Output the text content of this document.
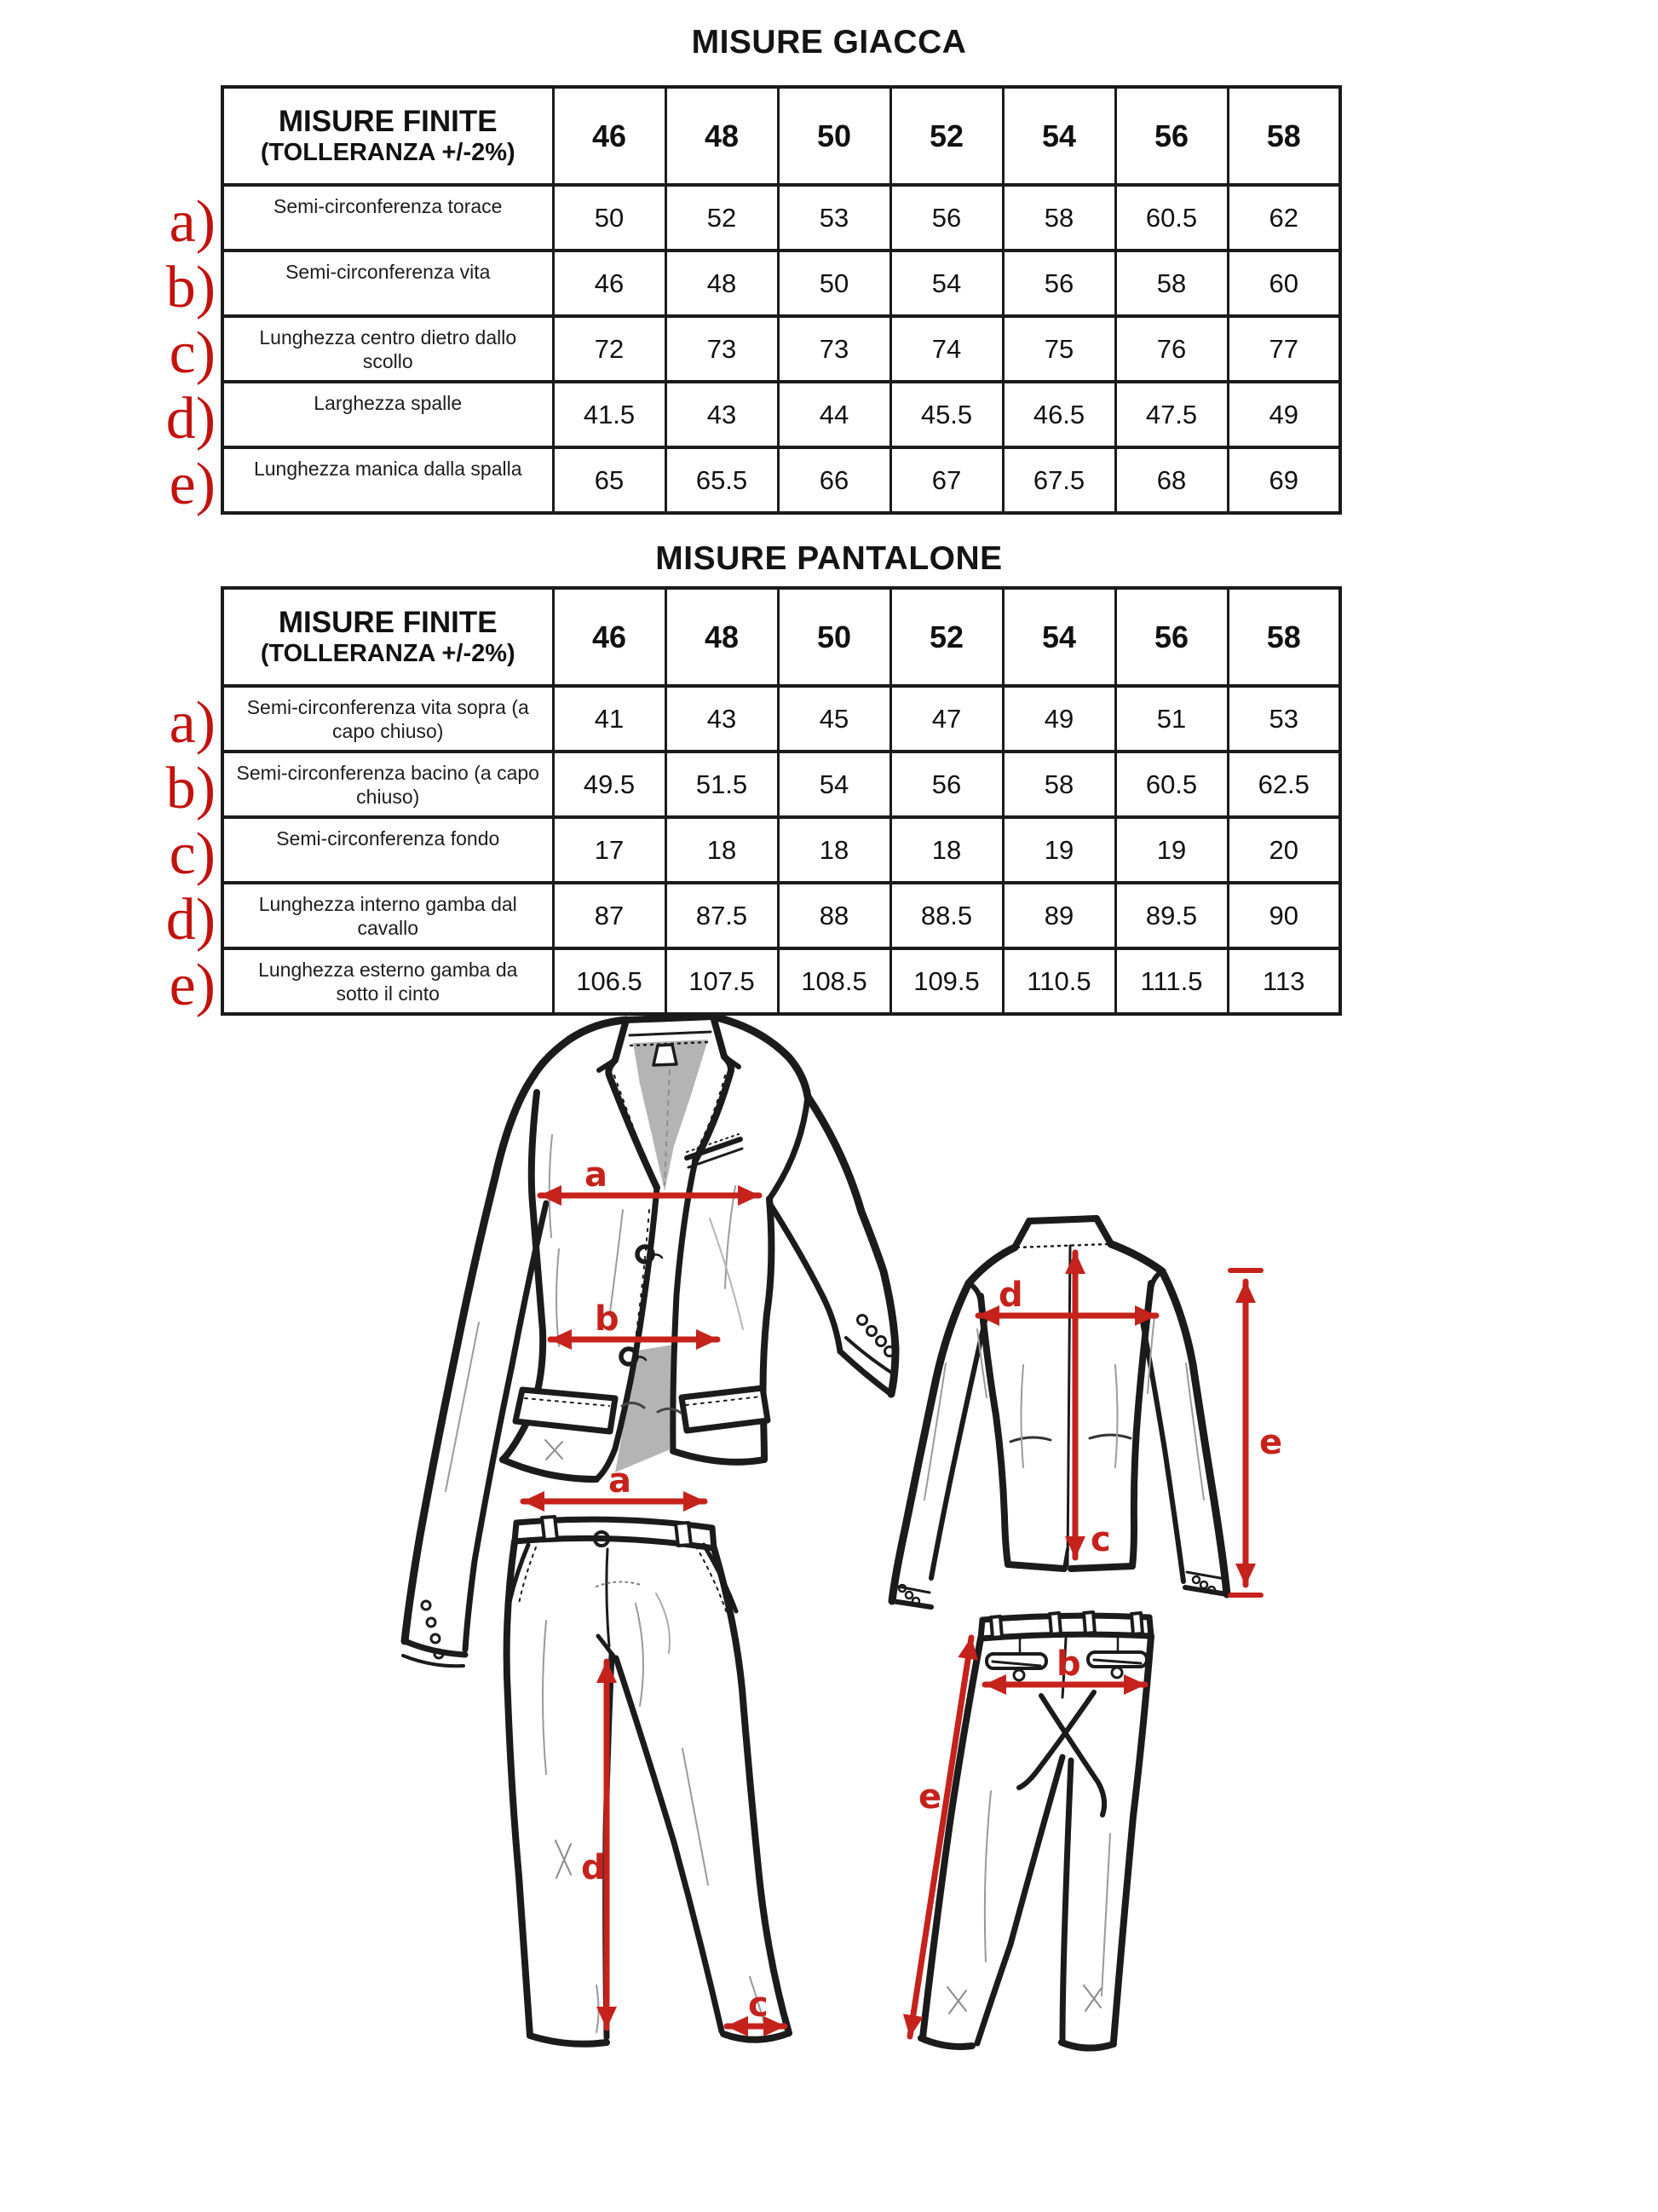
MISURE GIACCA
MISURE FINITE
(TOLLERANZA +/-2%)	46	48	50	52	54	56	58
Semi-circonferenza torace	50	52	53	56	58	60.5	62
Semi-circonferenza vita	46	48	50	54	56	58	60
Lunghezza centro dietro dallo scollo	72	73	73	74	75	76	77
Larghezza spalle	41.5	43	44	45.5	46.5	47.5	49
Lunghezza manica dalla spalla	65	65.5	66	67	67.5	68	69
a)
b)
c)
d)
e)
MISURE PANTALONE
MISURE FINITE
(TOLLERANZA +/-2%)	46	48	50	52	54	56	58
Semi-circonferenza vita sopra (a capo chiuso)	41	43	45	47	49	51	53
Semi-circonferenza bacino (a capo chiuso)	49.5	51.5	54	56	58	60.5	62.5
Semi-circonferenza fondo	17	18	18	18	19	19	20
Lunghezza interno gamba dal cavallo	87	87.5	88	88.5	89	89.5	90
Lunghezza esterno gamba da sotto il cinto	106.5	107.5	108.5	109.5	110.5	111.5	113
a)
b)
c)
d)
e)
a
b
d
c
e
a
d
c
b
e
